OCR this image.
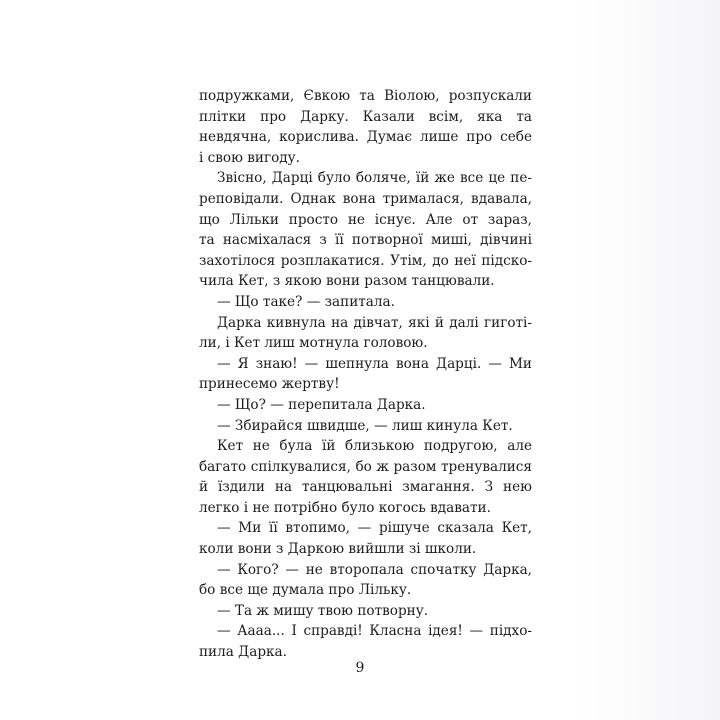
подружками, Євкою та Віолою, розпускали
плітки про Дарку. Казали всім, яка та
невдячна, корислива. Думає лише про себе
і свою вигоду.
Звісно, Дарці було боляче, їй же все це пе-
реповідали. Однак вона трималася, вдавала,
що Лільки просто не існує. Але от зараз,
та насміхалася з її потворної миші, дівчині
захотілося розплакатися. Утім, до неї підско-
чила Кет, з якою вони разом танцювали.
— Що таке? — запитала.
Дарка кивнула на дівчат, які й далі гиготі-
ли, і Кет лиш мотнула головою.
— Я знаю! — шепнула вона Дарці. — Ми
принесемо жертву!
— Що? — перепитала Дарка.
— Збирайся швидше, — лиш кинула Кет.
Кет не була їй близькою подругою, але
багато спілкувалися, бо ж разом тренувалися
й їздили на танцювальні змагання. З нею
легко і не потрібно було когось вдавати.
— Ми її втопимо, — рішуче сказала Кет,
коли вони з Даркою вийшли зі школи.
— Кого? — не второпала спочатку Дарка,
бо все ще думала про Лільку.
— Та ж мишу твою потворну.
— Аааа... І справді! Класна ідея! — підхо-
пила Дарка.
9
